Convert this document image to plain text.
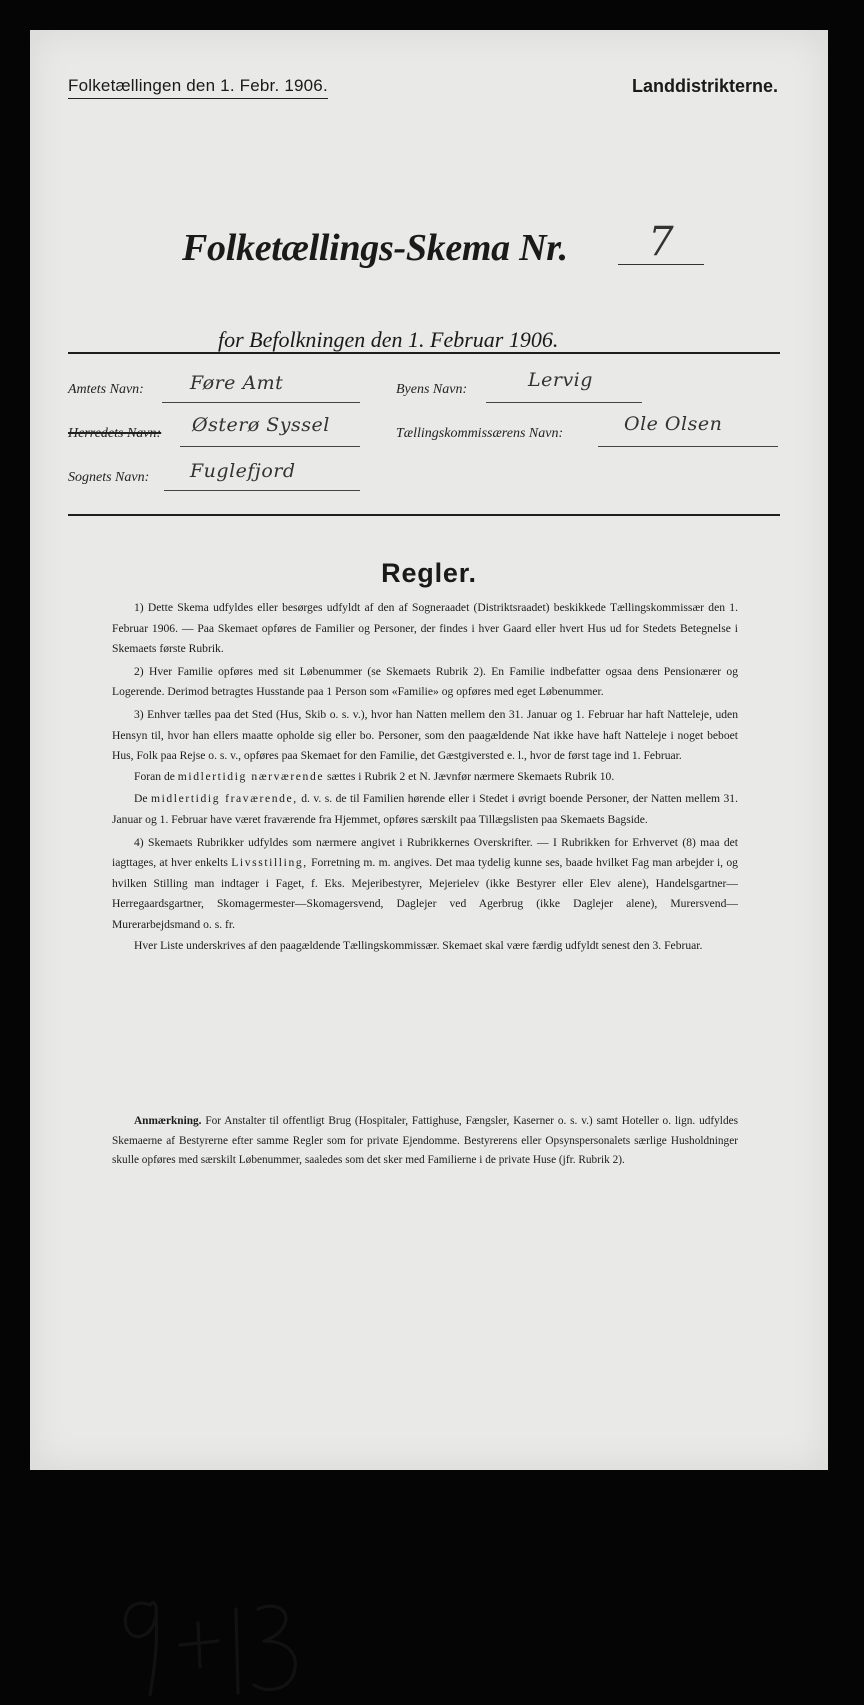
Folketællingen den 1. Febr. 1906.	Landdistrikterne.
Folketællings-Skema Nr.	7
for Befolkningen den 1. Februar 1906.
Amtets Navn: Føre Amt	Byens Navn:	Lervig
Herredets Navn: Østerø Syssel	Tællingskommissærens Navn:	Ole Olsen
Sognets Navn: Fuglefjord
Regler.

1) Dette Skema udfyldes eller besørges udfyldt af den af Sogneraadet (Distriktsraadet) beskikkede Tællingskommissær den 1. Februar 1906. — Paa Skemaet opføres de Familier og Personer, der findes i hver Gaard eller hvert Hus ud for Stedets Betegnelse i Skemaets første Rubrik.

2) Hver Familie opføres med sit Løbenummer (se Skemaets Rubrik 2). En Familie indbefatter ogsaa dens Pensionærer og Logerende. Derimod betragtes Husstande paa 1 Person som «Familie» og opføres med eget Løbenummer.

3) Enhver tælles paa det Sted (Hus, Skib o. s. v.), hvor han Natten mellem den 31. Januar og 1. Februar har haft Natteleje, uden Hensyn til, hvor han ellers maatte opholde sig eller bo. Personer, som den paagældende Nat ikke have haft Natteleje i noget beboet Hus, Folk paa Rejse o. s. v., opføres paa Skemaet for den Familie, det Gæstgiversted e. l., hvor de først tage ind 1. Februar.

Foran de midlertidig nærværende sættes i Rubrik 2 et N. Jævnfør nærmere Skemaets Rubrik 10.

De midlertidig fraværende, d. v. s. de til Familien hørende eller i Stedet i øvrigt boende Personer, der Natten mellem 31. Januar og 1. Februar have været fraværende fra Hjemmet, opføres særskilt paa Tillægslisten paa Skemaets Bagside.

4) Skemaets Rubrikker udfyldes som nærmere angivet i Rubrikkernes Overskrifter. — I Rubrikken for Erhvervet (8) maa det iagttages, at hver enkelts Livsstilling, Forretning m. m. angives. Det maa tydelig kunne ses, baade hvilket Fag man arbejder i, og hvilken Stilling man indtager i Faget, f. Eks. Mejeribestyrer, Mejerielev (ikke Bestyrer eller Elev alene), Handelsgartner—Herregaardsgartner, Skomagermester—Skomagersvend, Daglejer ved Agerbrug (ikke Daglejer alene), Murersvend—Murerarbejdsmand o. s. fr.

Hver Liste underskrives af den paagældende Tællingskommissær. Skemaet skal være færdig udfyldt senest den 3. Februar.

Anmærkning. For Anstalter til offentligt Brug (Hospitaler, Fattighuse, Fængsler, Kaserner o. s. v.) samt Hoteller o. lign. udfyldes Skemaerne af Bestyrerne efter samme Regler som for private Ejendomme. Bestyrerens eller Opsynspersonalets særlige Husholdninger skulle opføres med særskilt Løbenummer, saaledes som det sker med Familierne i de private Huse (jfr. Rubrik 2).
